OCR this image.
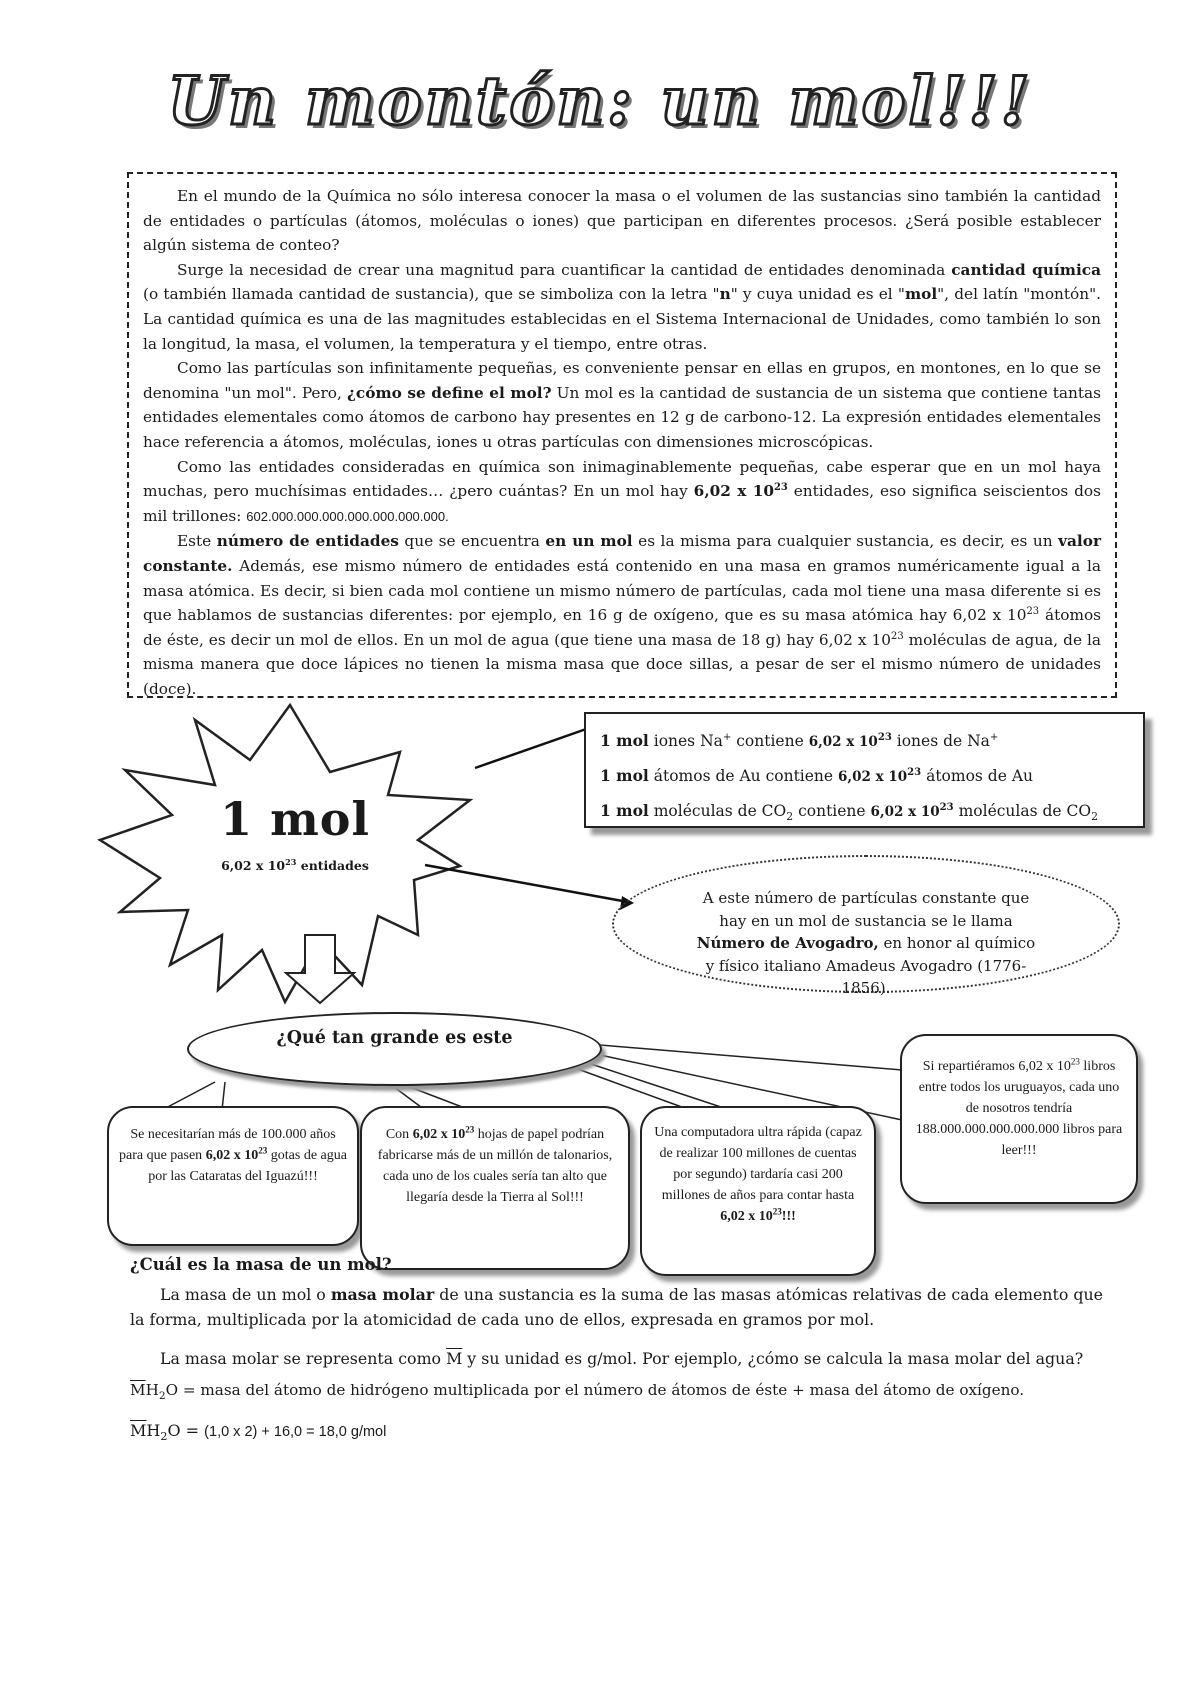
Un montón: un mol!!!

En el mundo de la Química no sólo interesa conocer la masa o el volumen de las sustancias sino también la cantidad de entidades o partículas (átomos, moléculas o iones) que participan en diferentes procesos. ¿Será posible establecer algún sistema de conteo?

Surge la necesidad de crear una magnitud para cuantificar la cantidad de entidades denominada cantidad química (o también llamada cantidad de sustancia), que se simboliza con la letra "n" y cuya unidad es el "mol", del latín "montón". La cantidad química es una de las magnitudes establecidas en el Sistema Internacional de Unidades, como también lo son la longitud, la masa, el volumen, la temperatura y el tiempo, entre otras.

Como las partículas son infinitamente pequeñas, es conveniente pensar en ellas en grupos, en montones, en lo que se denomina "un mol". Pero, ¿cómo se define el mol? Un mol es la cantidad de sustancia de un sistema que contiene tantas entidades elementales como átomos de carbono hay presentes en 12 g de carbono-12. La expresión entidades elementales hace referencia a átomos, moléculas, iones u otras partículas con dimensiones microscópicas.

Como las entidades consideradas en química son inimaginablemente pequeñas, cabe esperar que en un mol haya muchas, pero muchísimas entidades… ¿pero cuántas? En un mol hay 6,02 x $10^{23}$ entidades, eso significa seiscientos dos mil trillones: 602.000.000.000.000.000.000.000.

Este número de entidades que se encuentra en un mol es la misma para cualquier sustancia, es decir, es un valor constante. Además, ese mismo número de entidades está contenido en una masa en gramos numéricamente igual a la masa atómica. Es decir, si bien cada mol contiene un mismo número de partículas, cada mol tiene una masa diferente si es que hablamos de sustancias diferentes: por ejemplo, en 16 g de oxígeno, que es su masa atómica hay 6,02 x $10^{23}$ átomos de éste, es decir un mol de ellos. En un mol de agua (que tiene una masa de 18 g) hay 6,02 x $10^{23}$ moléculas de agua, de la misma manera que doce lápices no tienen la misma masa que doce sillas, a pesar de ser el mismo número de unidades (doce).

1 mol
6,02 x $10^{23}$ entidades
1 mol iones Na+ contiene 6,02 x $10^{23}$ iones de Na+
1 mol átomos de Au contiene 6,02 x $10^{23}$ átomos de Au
1 mol moléculas de $CO_2$ contiene 6,02 x $10^{23}$ moléculas de $CO_2$
A este número de partículas constante que hay en un mol de sustancia se le llama Número de Avogadro, en honor al químico y físico italiano Amadeus Avogadro (1776-1856).
¿Qué tan grande es este
Se necesitarían más de 100.000 años para que pasen 6,02 x $10^{23}$ gotas de agua por las Cataratas del Iguazú!!!
Con 6,02 x $10^{23}$ hojas de papel podrían fabricarse más de un millón de talonarios, cada uno de los cuales sería tan alto que llegaría desde la Tierra al Sol!!!
Una computadora ultra rápida (capaz de realizar 100 millones de cuentas por segundo) tardaría casi 200 millones de años para contar hasta 6,02 x $10^{23}$!!!
Si repartiéramos 6,02 x $10^{23}$ libros entre todos los uruguayos, cada uno de nosotros tendría 188.000.000.000.000.000 libros para leer!!!
¿Cuál es la masa de un mol?

La masa de un mol o masa molar de una sustancia es la suma de las masas atómicas relativas de cada elemento que la forma, multiplicada por la atomicidad de cada uno de ellos, expresada en gramos por mol.

La masa molar se representa como $\overline{M}$ y su unidad es g/mol. Por ejemplo, ¿cómo se calcula la masa molar del agua?

$\overline{M}H_2O$ = masa del átomo de hidrógeno multiplicada por el número de átomos de éste + masa del átomo de oxígeno.
$\overline{M}H_2O = (1,0$ x 2) + 16,0 = 18,0 g/mol
